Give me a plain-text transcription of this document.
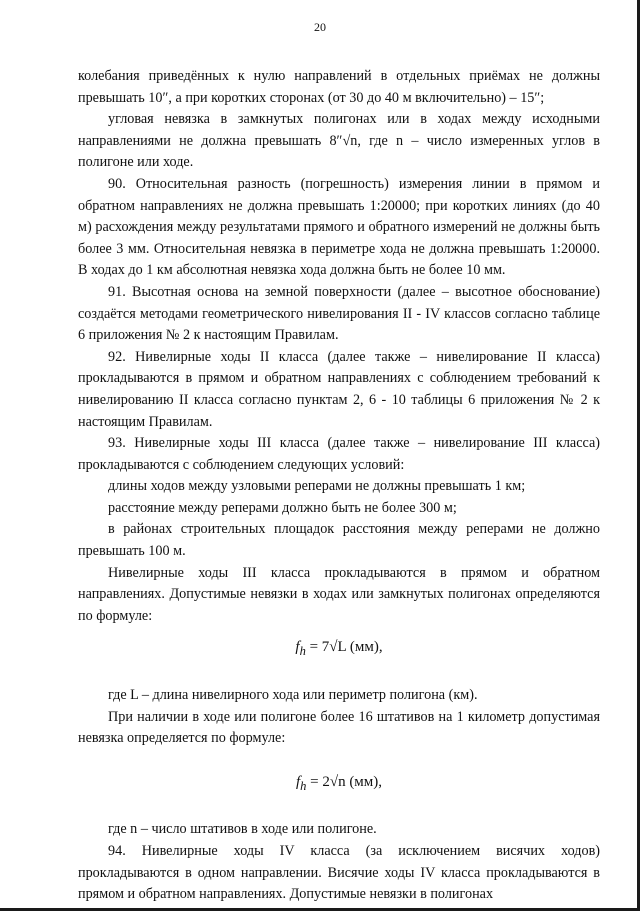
20

колебания приведённых к нулю направлений в отдельных приёмах не должны превышать 10″, а при коротких сторонах (от 30 до 40 м включительно) – 15″;

угловая невязка в замкнутых полигонах или в ходах между исходными направлениями не должна превышать 8″√n, где n – число измеренных углов в полигоне или ходе.

90. Относительная разность (погрешность) измерения линии в прямом и обратном направлениях не должна превышать 1:20000; при коротких линиях (до 40 м) расхождения между результатами прямого и обратного измерений не должны быть более 3 мм. Относительная невязка в периметре хода не должна превышать 1:20000. В ходах до 1 км абсолютная невязка хода должна быть не более 10 мм.

91. Высотная основа на земной поверхности (далее – высотное обоснование) создаётся методами геометрического нивелирования II - IV классов согласно таблице 6 приложения № 2 к настоящим Правилам.

92. Нивелирные ходы II класса (далее также – нивелирование II класса) прокладываются в прямом и обратном направлениях с соблюдением требований к нивелированию II класса согласно пунктам 2, 6 - 10 таблицы 6 приложения № 2 к настоящим Правилам.

93. Нивелирные ходы III класса (далее также – нивелирование III класса) прокладываются с соблюдением следующих условий:

длины ходов между узловыми реперами не должны превышать 1 км;

расстояние между реперами должно быть не более 300 м;

в районах строительных площадок расстояния между реперами не должно превышать 100 м.

Нивелирные ходы III класса прокладываются в прямом и обратном направлениях. Допустимые невязки в ходах или замкнутых полигонах определяются по формуле:

$f_h = 7√L$ (мм),

где L – длина нивелирного хода или периметр полигона (км).

При наличии в ходе или полигоне более 16 штативов на 1 километр допустимая невязка определяется по формуле:

$f_h = 2√n$ (мм),

где n – число штативов в ходе или полигоне.

94. Нивелирные ходы IV класса (за исключением висячих ходов) прокладываются в одном направлении. Висячие ходы IV класса прокладываются в прямом и обратном направлениях. Допустимые невязки в полигонах
